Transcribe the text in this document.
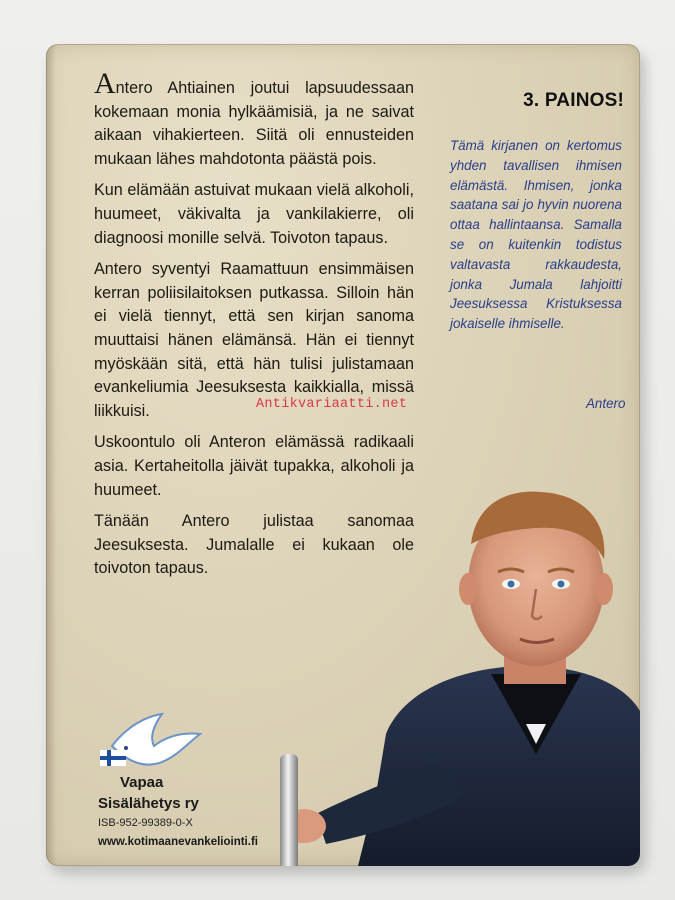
Antero Ahtiainen joutui lapsuudessaan kokemaan monia hylkäämisiä, ja ne saivat aikaan vihakierteen. Siitä oli ennusteiden mukaan lähes mahdotonta päästä pois.

Kun elämään astuivat mukaan vielä alkoholi, huumeet, väkivalta ja vankilakierre, oli diagnoosi monille selvä. Toivoton tapaus.

Antero syventyi Raamattuun ensimmäisen kerran poliisilaitoksen putkassa. Silloin hän ei vielä tiennyt, että sen kirjan sanoma muuttaisi hänen elämänsä. Hän ei tiennyt myöskään sitä, että hän tulisi julistamaan evankeliumia Jeesuksesta kaikkialla, missä liikkuisi.

Uskoontulo oli Anteron elämässä radikaali asia. Kertaheitolla jäivät tupakka, alkoholi ja huumeet.

Tänään Antero julistaa sanomaa Jeesuksesta. Jumalalle ei kukaan ole toivoton tapaus.

3. PAINOS!
Tämä kirjanen on kertomus yhden tavallisen ihmisen elämästä. Ihmisen, jonka saatana sai jo hyvin nuorena ottaa hallintaansa. Samalla se on kuitenkin todistus valtavasta rakkaudesta, jonka Jumala lahjoitti Jeesuksessa Kristuksessa jokaiselle ihmiselle.
Antero
Antikvariaatti.net
Vapaa
Sisälähetys ry
ISB-952-99389-0-X
www.kotimaanevankeliointi.fi
